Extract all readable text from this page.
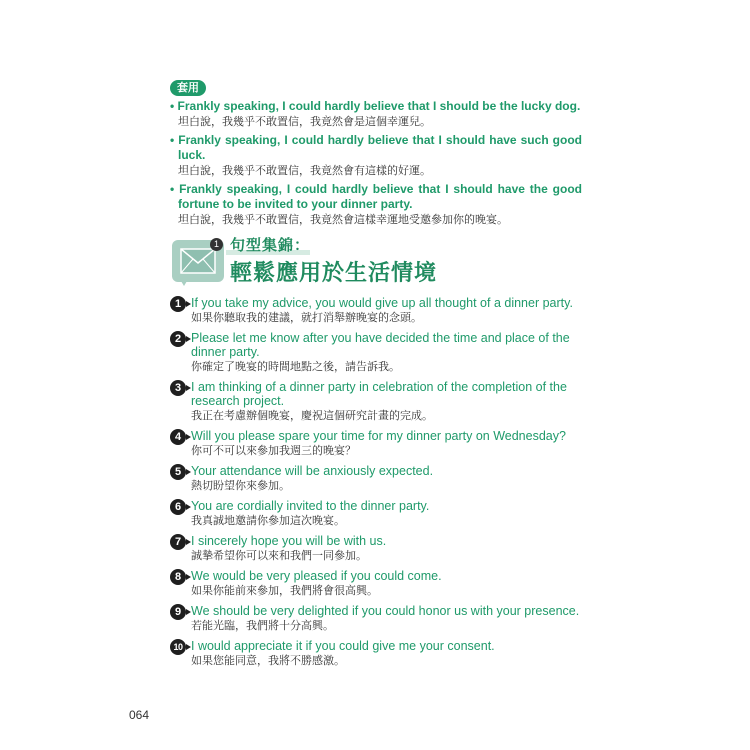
套用
• Frankly speaking, I could hardly believe that I should be the lucky dog.
坦白說，我幾乎不敢置信，我竟然會是這個幸運兒。
• Frankly speaking, I could hardly believe that I should have such good luck.
坦白說，我幾乎不敢置信，我竟然會有這樣的好運。
• Frankly speaking, I could hardly believe that I should have the good fortune to be invited to your dinner party.
坦白說，我幾乎不敢置信，我竟然會這樣幸運地受邀參加你的晚宴。
1 句型集錦：
輕鬆應用於生活情境
1 If you take my advice, you would give up all thought of a dinner party.
如果你聽取我的建議，就打消舉辦晚宴的念頭。
2 Please let me know after you have decided the time and place of the dinner party.
你確定了晚宴的時間地點之後，請告訴我。
3 I am thinking of a dinner party in celebration of the completion of the research project.
我正在考慮辦個晚宴，慶祝這個研究計畫的完成。
4 Will you please spare your time for my dinner party on Wednesday?
你可不可以來參加我週三的晚宴？
5 Your attendance will be anxiously expected.
熱切盼望你來參加。
6 You are cordially invited to the dinner party.
我真誠地邀請你參加這次晚宴。
7 I sincerely hope you will be with us.
誠摯希望你可以來和我們一同參加。
8 We would be very pleased if you could come.
如果你能前來參加，我們將會很高興。
9 We should be very delighted if you could honor us with your presence.
若能光臨，我們將十分高興。
10 I would appreciate it if you could give me your consent.
如果您能同意，我將不勝感激。
064
